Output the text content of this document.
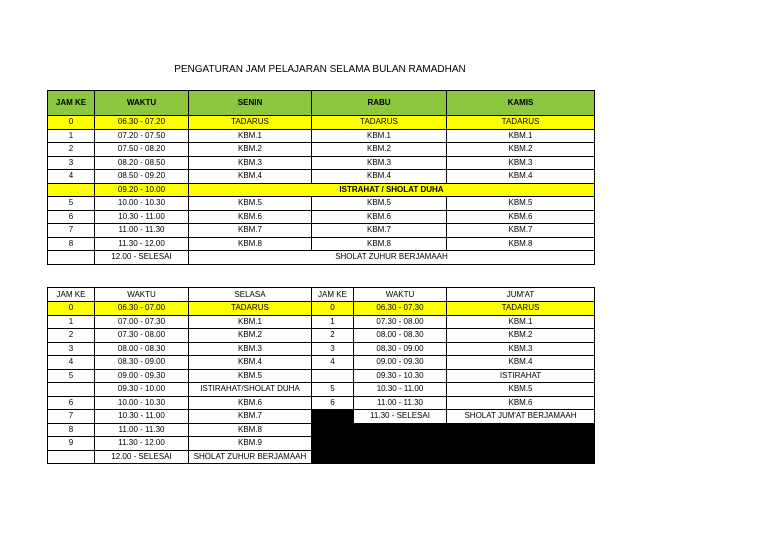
PENGATURAN JAM PELAJARAN SELAMA BULAN RAMADHAN
JAM KE	WAKTU	SENIN	RABU	KAMIS
0	06.30 - 07.20	TADARUS	TADARUS	TADARUS
1	07.20 - 07.50	KBM.1	KBM.1	KBM.1
2	07.50 - 08.20	KBM.2	KBM.2	KBM.2
3	08.20 - 08.50	KBM.3	KBM.3	KBM.3
4	08.50 - 09.20	KBM.4	KBM.4	KBM.4
	09.20 - 10.00	ISTRAHAT / SHOLAT DUHA		
5	10.00 - 10.30	KBM.5	KBM.5	KBM.5
6	10.30 - 11.00	KBM.6	KBM.6	KBM.6
7	11.00 - 11.30	KBM.7	KBM.7	KBM.7
8	11.30 - 12.00	KBM.8	KBM.8	KBM.8
	12.00 - SELESAI	SHOLAT ZUHUR BERJAMAAH		
JAM KE	WAKTU	SELASA	JAM KE	WAKTU	JUM'AT
0	06.30 - 07.00	TADARUS	0	06.30 - 07.30	TADARUS
1	07.00 - 07.30	KBM.1	1	07.30 - 08.00	KBM.1
2	07.30 - 08.00	KBM.2	2	08.00 - 08.30	KBM.2
3	08.00 - 08.30	KBM.3	3	08.30 - 09.00	KBM.3
4	08.30 - 09.00	KBM.4	4	09.00 - 09.30	KBM.4
5	09.00 - 09.30	KBM.5		09.30 - 10.30	ISTIRAHAT
	09.30 - 10.00	ISTIRAHAT/SHOLAT DUHA	5	10.30 - 11.00	KBM.5
6	10.00 - 10.30	KBM.6	6	11.00 - 11.30	KBM.6
7	10.30 - 11.00	KBM.7		11.30 - SELESAI	SHOLAT JUM'AT BERJAMAAH
8	11.00 - 11.30	KBM.8			
9	11.30 - 12.00	KBM.9			
	12.00 - SELESAI	SHOLAT ZUHUR BERJAMAAH			
